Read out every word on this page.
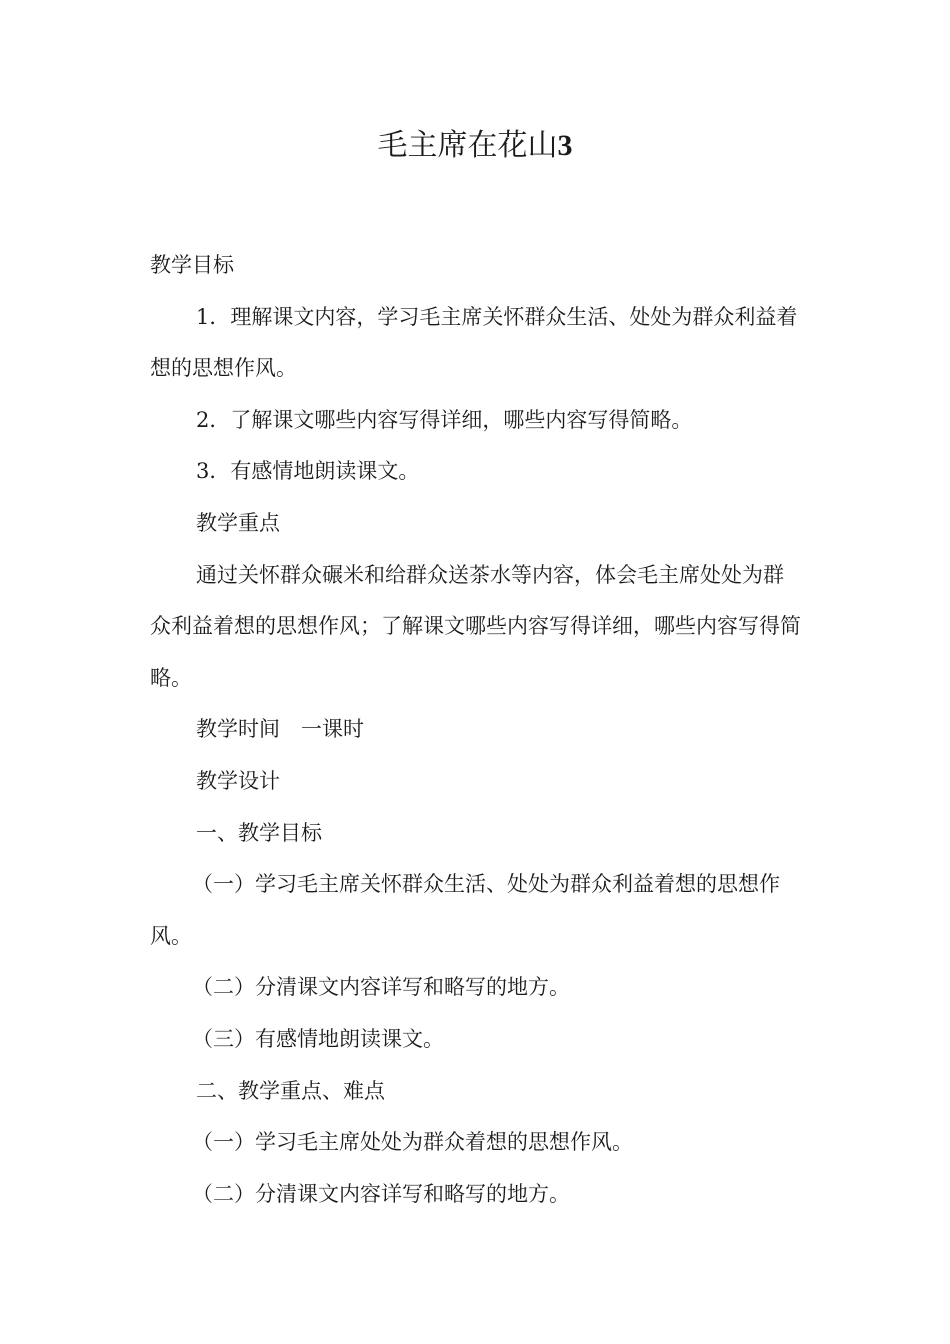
毛主席在花山3

教学目标

1．理解课文内容，学习毛主席关怀群众生活、处处为群众利益着想的思想作风。

2．了解课文哪些内容写得详细，哪些内容写得简略。

3．有感情地朗读课文。

教学重点

通过关怀群众碾米和给群众送茶水等内容，体会毛主席处处为群众利益着想的思想作风；了解课文哪些内容写得详细，哪些内容写得简略。

教学时间　一课时

教学设计

一、教学目标

（一）学习毛主席关怀群众生活、处处为群众利益着想的思想作风。

（二）分清课文内容详写和略写的地方。

（三）有感情地朗读课文。

二、教学重点、难点

（一）学习毛主席处处为群众着想的思想作风。

（二）分清课文内容详写和略写的地方。
